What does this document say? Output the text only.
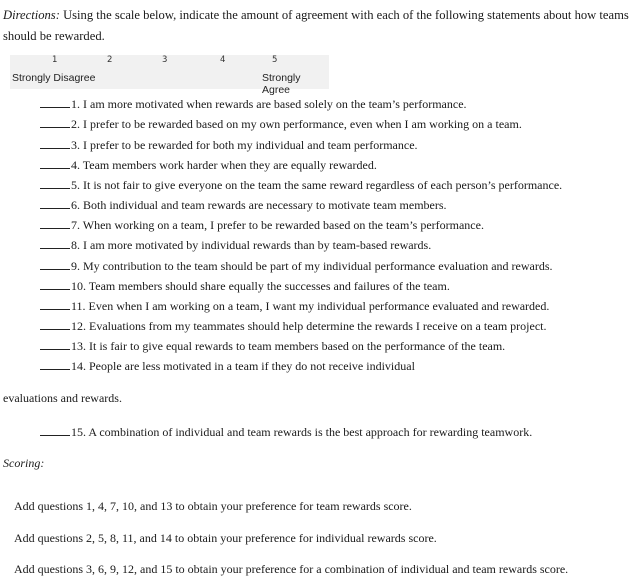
Directions: Using the scale below, indicate the amount of agreement with each of the following statements about how teams should be rewarded.

1	2	3	4	5
Strongly Disagree	Strongly Agree
1. I am more motivated when rewards are based solely on the team’s performance.
2. I prefer to be rewarded based on my own performance, even when I am working on a team.
3. I prefer to be rewarded for both my individual and team performance.
4. Team members work harder when they are equally rewarded.
5. It is not fair to give everyone on the team the same reward regardless of each person’s performance.
6. Both individual and team rewards are necessary to motivate team members.
7. When working on a team, I prefer to be rewarded based on the team’s performance.
8. I am more motivated by individual rewards than by team-based rewards.
9. My contribution to the team should be part of my individual performance evaluation and rewards.
10. Team members should share equally the successes and failures of the team.
11. Even when I am working on a team, I want my individual performance evaluated and rewarded.
12. Evaluations from my teammates should help determine the rewards I receive on a team project.
13. It is fair to give equal rewards to team members based on the performance of the team.
14. People are less motivated in a team if they do not receive individual
evaluations and rewards.
15. A combination of individual and team rewards is the best approach for rewarding teamwork.
Scoring:
Add questions 1, 4, 7, 10, and 13 to obtain your preference for team rewards score.
Add questions 2, 5, 8, 11, and 14 to obtain your preference for individual rewards score.
Add questions 3, 6, 9, 12, and 15 to obtain your preference for a combination of individual and team rewards score.
